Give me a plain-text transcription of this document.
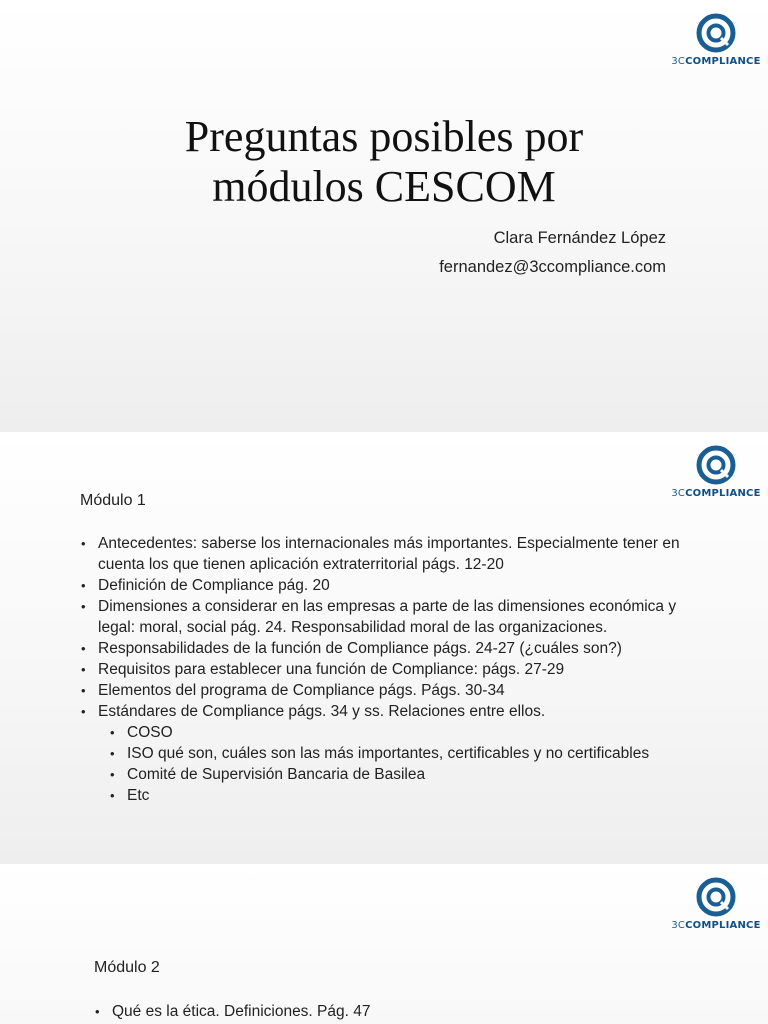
3CCOMPLIANCE
Preguntas posibles por
módulos CESCOM
Clara Fernández López
fernandez@3ccompliance.com
3CCOMPLIANCE
Módulo 1
• Antecedentes: saberse los internacionales más importantes. Especialmente tener en cuenta los que tienen aplicación extraterritorial págs. 12-20
• Definición de Compliance pág. 20
• Dimensiones a considerar en las empresas a parte de las dimensiones económica y legal: moral, social pág. 24. Responsabilidad moral de las organizaciones.
• Responsabilidades de la función de Compliance págs. 24-27 (¿cuáles son?)
• Requisitos para establecer una función de Compliance: págs. 27-29
• Elementos del programa de Compliance págs. Págs. 30-34
• Estándares de Compliance págs. 34 y ss. Relaciones entre ellos.
• COSO
• ISO qué son, cuáles son las más importantes, certificables y no certificables
• Comité de Supervisión Bancaria de Basilea
• Etc
3CCOMPLIANCE
Módulo 2
• Qué es la ética. Definiciones. Pág. 47
